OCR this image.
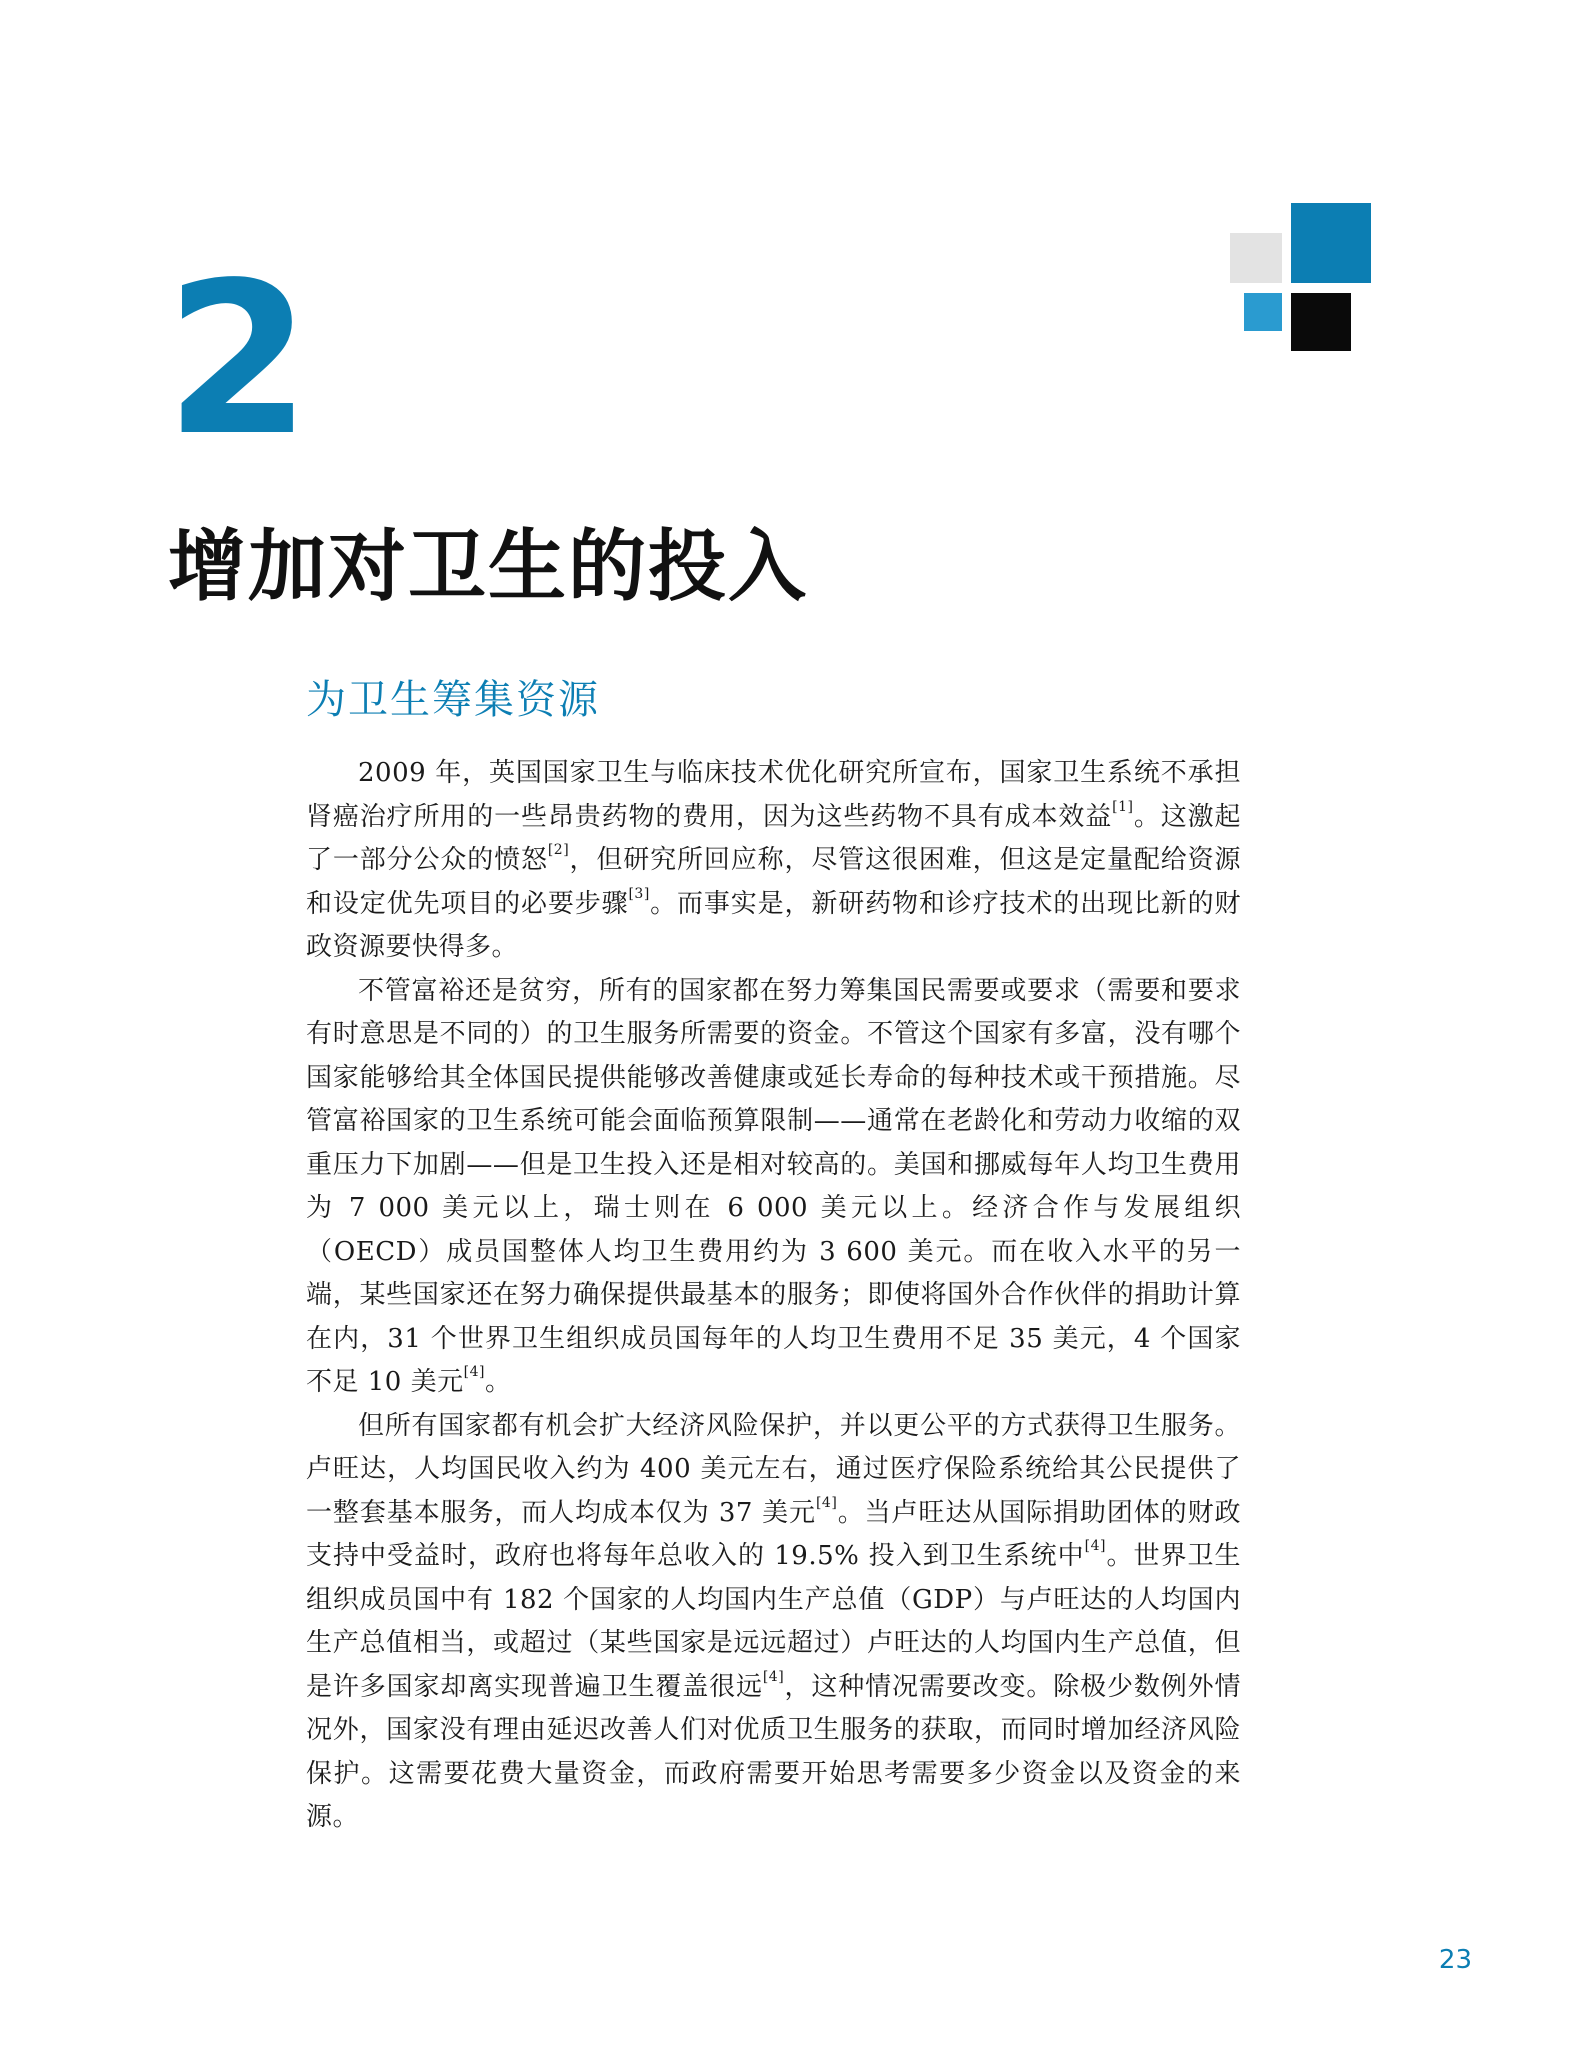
2
增加对卫生的投入
为卫生筹集资源

2009 年，英国国家卫生与临床技术优化研究所宣布，国家卫生系统不承担肾癌治疗所用的一些昂贵药物的费用，因为这些药物不具有成本效益[1]。这激起了一部分公众的愤怒[2]，但研究所回应称，尽管这很困难，但这是定量配给资源和设定优先项目的必要步骤[3]。而事实是，新研药物和诊疗技术的出现比新的财政资源要快得多。

不管富裕还是贫穷，所有的国家都在努力筹集国民需要或要求（需要和要求有时意思是不同的）的卫生服务所需要的资金。不管这个国家有多富，没有哪个国家能够给其全体国民提供能够改善健康或延长寿命的每种技术或干预措施。尽管富裕国家的卫生系统可能会面临预算限制——通常在老龄化和劳动力收缩的双重压力下加剧——但是卫生投入还是相对较高的。美国和挪威每年人均卫生费用为 7 000 美元以上，瑞士则在 6 000 美元以上。经济合作与发展组织（OECD）成员国整体人均卫生费用约为 3 600 美元。而在收入水平的另一端，某些国家还在努力确保提供最基本的服务；即使将国外合作伙伴的捐助计算在内，31 个世界卫生组织成员国每年的人均卫生费用不足 35 美元，4 个国家不足 10 美元[4]。

但所有国家都有机会扩大经济风险保护，并以更公平的方式获得卫生服务。卢旺达，人均国民收入约为 400 美元左右，通过医疗保险系统给其公民提供了一整套基本服务，而人均成本仅为 37 美元[4]。当卢旺达从国际捐助团体的财政支持中受益时，政府也将每年总收入的 19.5% 投入到卫生系统中[4]。世界卫生组织成员国中有 182 个国家的人均国内生产总值（GDP）与卢旺达的人均国内生产总值相当，或超过（某些国家是远远超过）卢旺达的人均国内生产总值，但是许多国家却离实现普遍卫生覆盖很远[4]，这种情况需要改变。除极少数例外情况外，国家没有理由延迟改善人们对优质卫生服务的获取，而同时增加经济风险保护。这需要花费大量资金，而政府需要开始思考需要多少资金以及资金的来源。

23
